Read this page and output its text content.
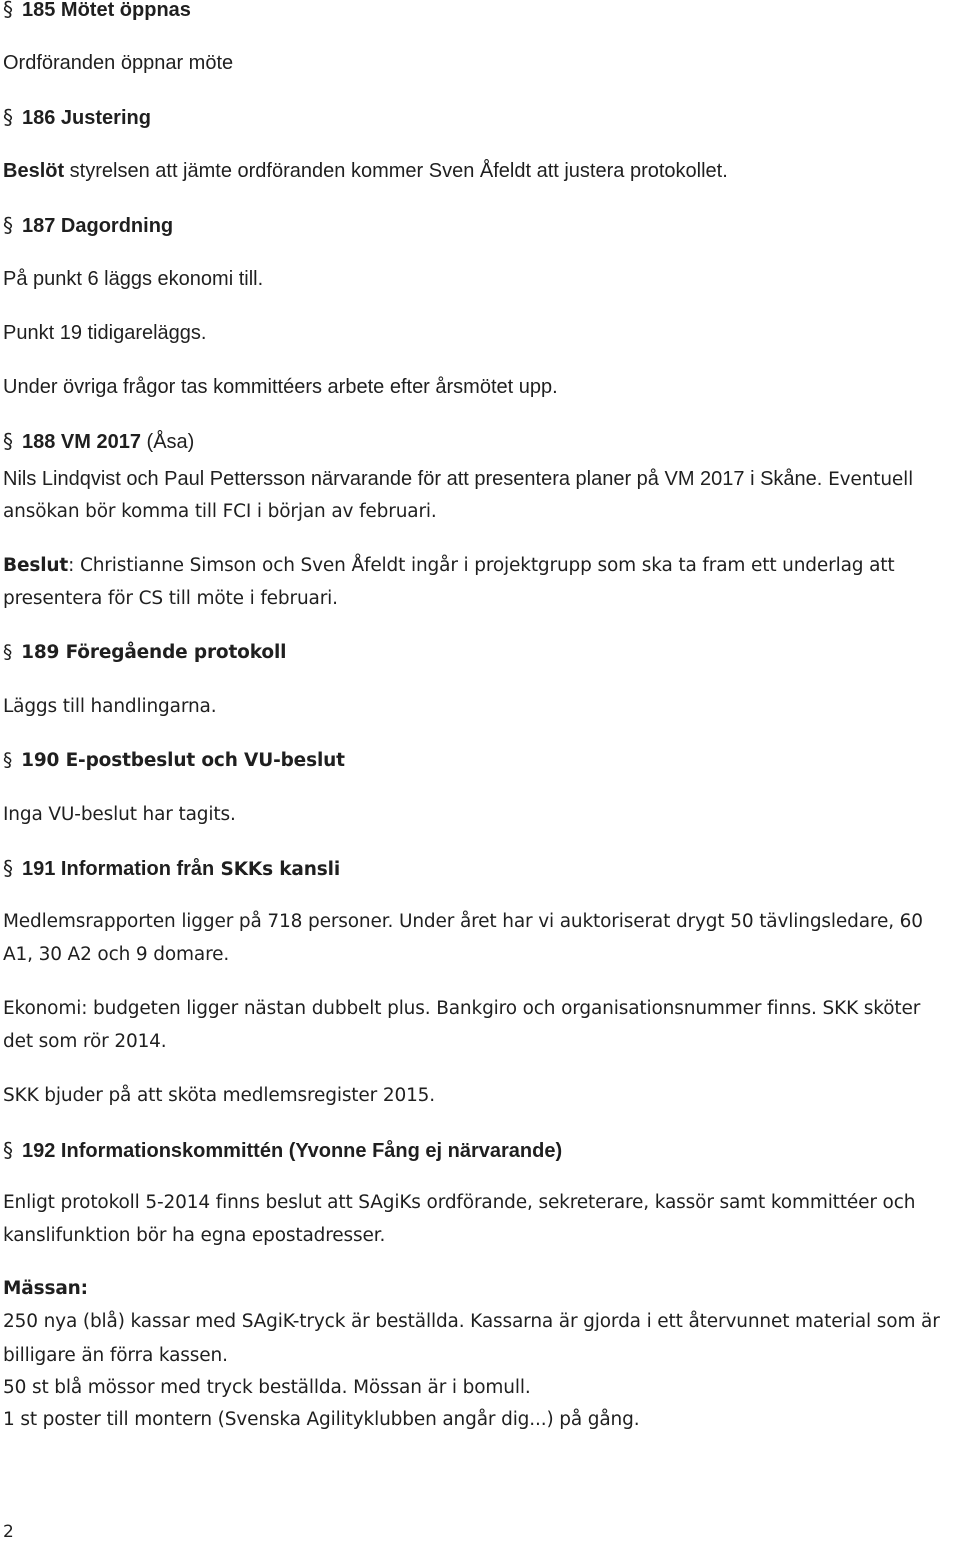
§ 185 Mötet öppnas
Ordföranden öppnar möte
§ 186 Justering
Beslöt styrelsen att jämte ordföranden kommer Sven Åfeldt att justera protokollet.
§ 187 Dagordning
På punkt 6 läggs ekonomi till.
Punkt 19 tidigareläggs.
Under övriga frågor tas kommittéers arbete efter årsmötet upp.
§ 188 VM 2017 (Åsa)
Nils Lindqvist och Paul Pettersson närvarande för att presentera planer på VM 2017 i Skåne. Eventuell
ansökan bör komma till FCI i början av februari.
Beslut: Christianne Simson och Sven Åfeldt ingår i projektgrupp som ska ta fram ett underlag att
presentera för CS till möte i februari.
§ 189 Föregående protokoll
Läggs till handlingarna.
§ 190 E-postbeslut och VU-beslut
Inga VU-beslut har tagits.
§ 191 Information från SKKs kansli
Medlemsrapporten ligger på 718 personer. Under året har vi auktoriserat drygt 50 tävlingsledare, 60
A1, 30 A2 och 9 domare.
Ekonomi: budgeten ligger nästan dubbelt plus. Bankgiro och organisationsnummer finns. SKK sköter
det som rör 2014.
SKK bjuder på att sköta medlemsregister 2015.
§ 192 Informationskommittén (Yvonne Fång ej närvarande)
Enligt protokoll 5-2014 finns beslut att SAgiKs ordförande, sekreterare, kassör samt kommittéer och
kanslifunktion bör ha egna epostadresser.
Mässan:
250 nya (blå) kassar med SAgiK-tryck är beställda. Kassarna är gjorda i ett återvunnet material som är
billigare än förra kassen.
50 st blå mössor med tryck beställda. Mössan är i bomull.
1 st poster till montern (Svenska Agilityklubben angår dig...) på gång.
2
